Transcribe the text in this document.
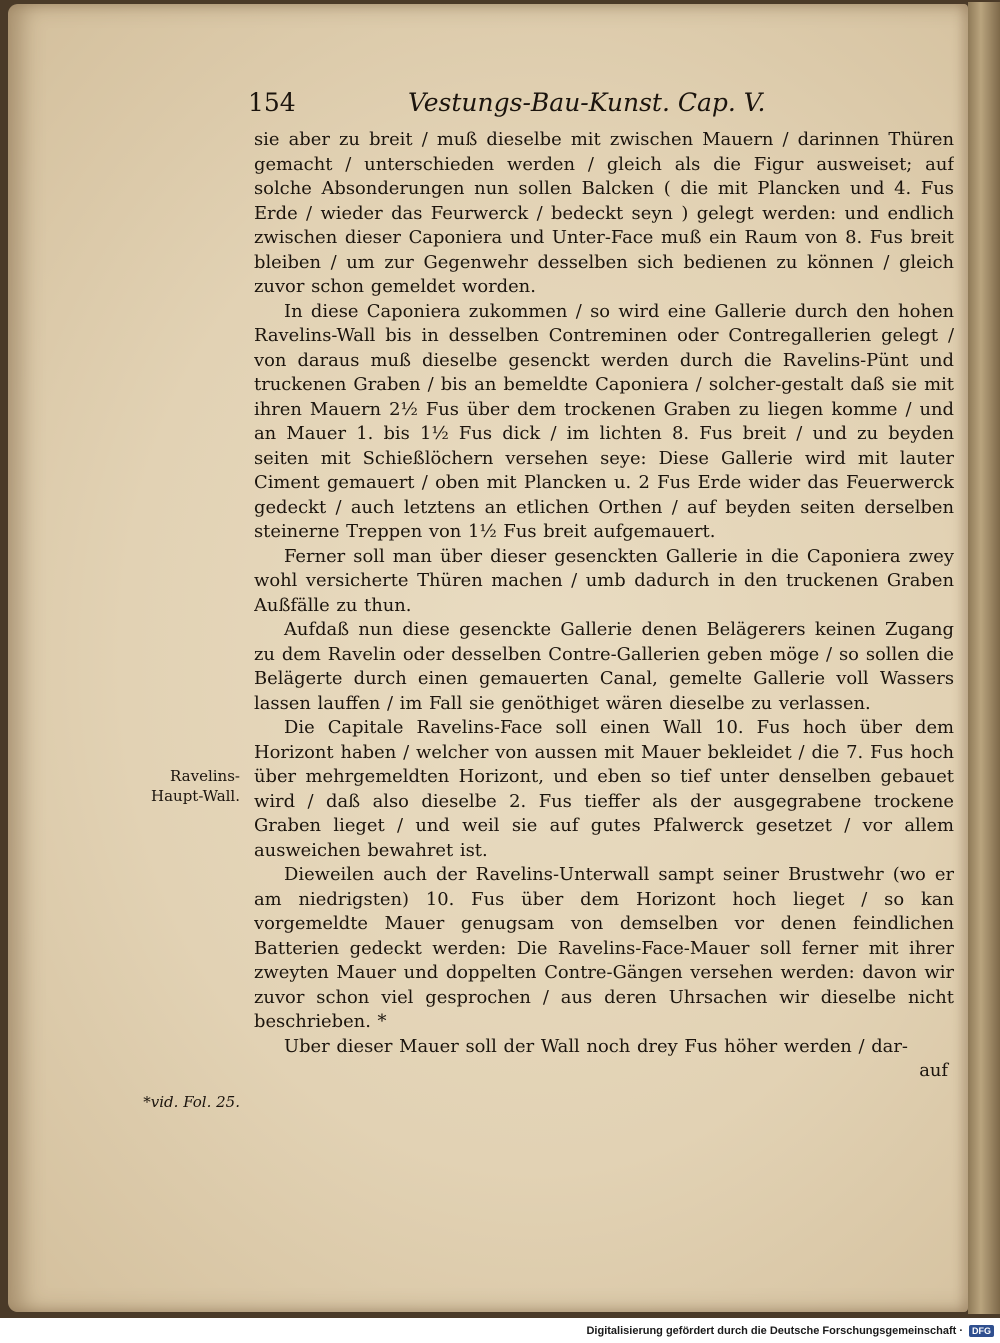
154	Vestungs-Bau-Kunst. Cap. V.

sie aber zu breit / muß dieselbe mit zwischen Mauern / darinnen Thüren gemacht / unterschieden werden / gleich als die Figur ausweiset; auf solche Absonderungen nun sollen Balcken ( die mit Plancken und 4. Fus Erde / wieder das Feurwerck / bedeckt seyn ) gelegt werden: und endlich zwischen dieser Caponiera und Unter-Face muß ein Raum von 8. Fus breit bleiben / um zur Gegenwehr desselben sich bedienen zu können / gleich zuvor schon gemeldet worden.

In diese Caponiera zukommen / so wird eine Gallerie durch den hohen Ravelins-Wall bis in desselben Contreminen oder Contregallerien gelegt / von daraus muß dieselbe gesenckt werden durch die Ravelins-Pünt und truckenen Graben / bis an bemeldte Caponiera / solcher-gestalt daß sie mit ihren Mauern 2½ Fus über dem trockenen Graben zu liegen komme / und an Mauer 1. bis 1½ Fus dick / im lichten 8. Fus breit / und zu beyden seiten mit Schießlöchern versehen seye: Diese Gallerie wird mit lauter Ciment gemauert / oben mit Plancken u. 2 Fus Erde wider das Feuerwerck gedeckt / auch letztens an etlichen Orthen / auf beyden seiten derselben steinerne Treppen von 1½ Fus breit aufgemauert.

Ferner soll man über dieser gesenckten Gallerie in die Caponiera zwey wohl versicherte Thüren machen / umb dadurch in den truckenen Graben Außfälle zu thun.

Aufdaß nun diese gesenckte Gallerie denen Belägerers keinen Zugang zu dem Ravelin oder desselben Contre-Gallerien geben möge / so sollen die Belägerte durch einen gemauerten Canal, gemelte Gallerie voll Wassers lassen lauffen / im Fall sie genöthiget wären dieselbe zu verlassen.

Die Capitale Ravelins-Face soll einen Wall 10. Fus hoch über dem Horizont haben / welcher von aussen mit Mauer bekleidet / die 7. Fus hoch über mehrgemeldten Horizont, und eben so tief unter denselben gebauet wird / daß also dieselbe 2. Fus tieffer als der ausgegrabene trockene Graben lieget / und weil sie auf gutes Pfalwerck gesetzet / vor allem ausweichen bewahret ist.

Dieweilen auch der Ravelins-Unterwall sampt seiner Brustwehr (wo er am niedrigsten) 10. Fus über dem Horizont hoch lieget / so kan vorgemeldte Mauer genugsam von demselben vor denen feindlichen Batterien gedeckt werden: Die Ravelins-Face-Mauer soll ferner mit ihrer zweyten Mauer und doppelten Contre-Gängen versehen werden: davon wir zuvor schon viel gesprochen / aus deren Uhrsachen wir dieselbe nicht beschrieben. *

Uber dieser Mauer soll der Wall noch drey Fus höher werden / dar-

auf

Ravelins-Haupt-Wall.
*vid. Fol. 25.
Digitalisierung gefördert durch die Deutsche Forschungsgemeinschaft ·	DFG
